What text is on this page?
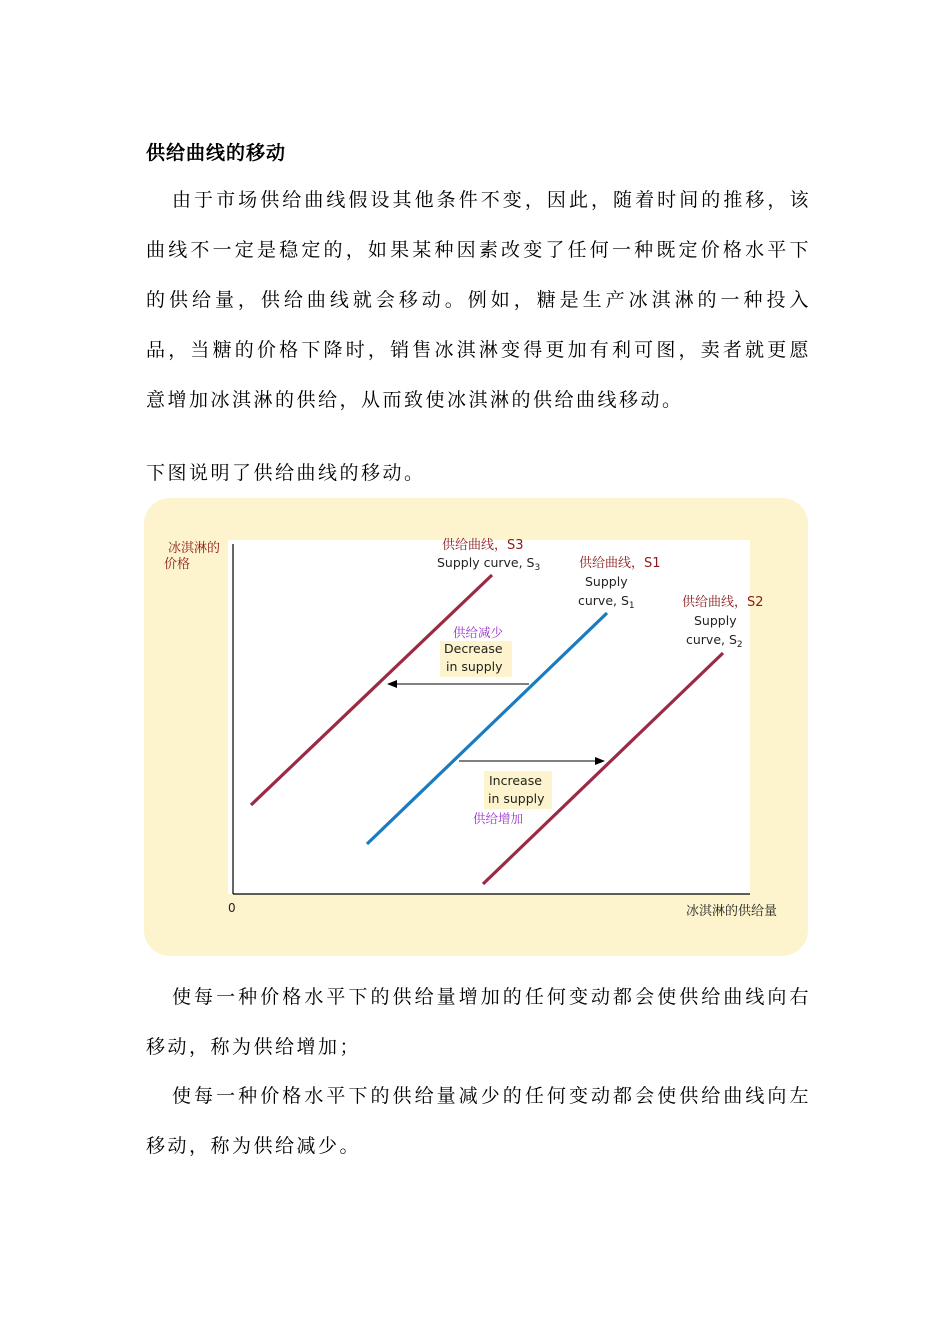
供给曲线的移动

由于市场供给曲线假设其他条件不变，因此，随着时间的推移，该曲线不一定是稳定的，如果某种因素改变了任何一种既定价格水平下的供给量，供给曲线就会移动。例如，糖是生产冰淇淋的一种投入品，当糖的价格下降时，销售冰淇淋变得更加有利可图，卖者就更愿意增加冰淇淋的供给，从而致使冰淇淋的供给曲线移动。

下图说明了供给曲线的移动。

冰淇淋的
价格
0	冰淇淋的供给量
供给曲线，S3
Supply curve, $S_3$	供给曲线，S1
Supply
curve, $S_1$	供给曲线，S2
Supply
curve, $S_2$
供给减少
Decrease
in supply
Increase
in supply
供给增加

使每一种价格水平下的供给量增加的任何变动都会使供给曲线向右移动，称为供给增加；

使每一种价格水平下的供给量减少的任何变动都会使供给曲线向左移动，称为供给减少。
